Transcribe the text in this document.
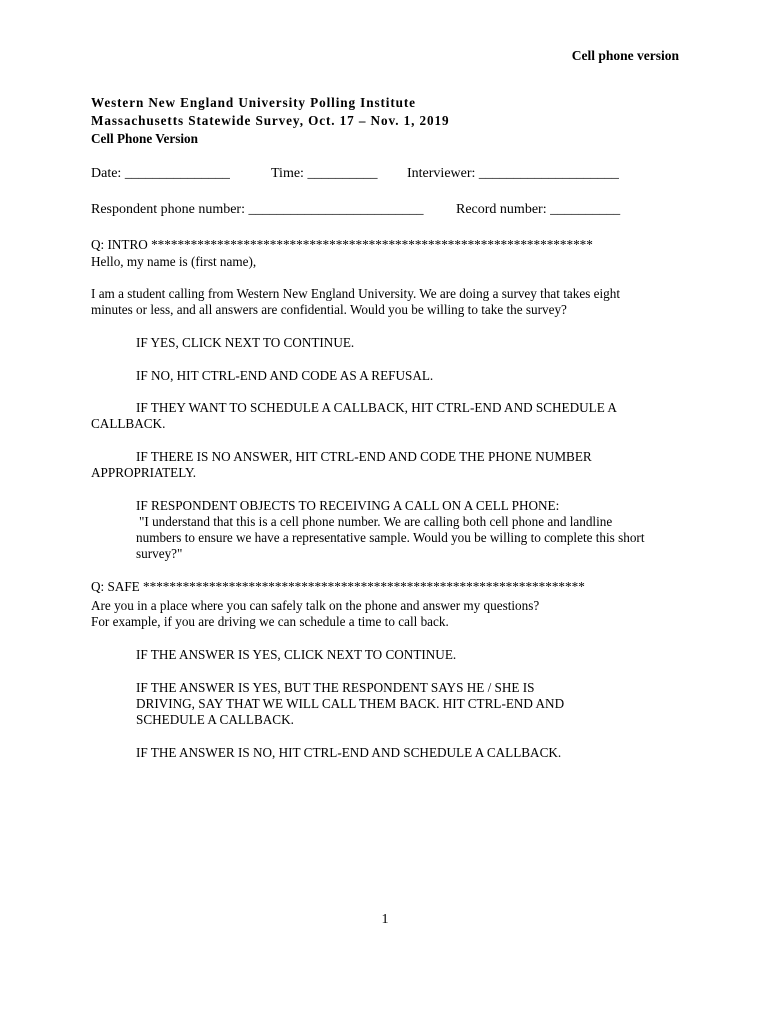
Cell phone version
Western New England University Polling Institute
Massachusetts Statewide Survey, Oct. 17 – Nov. 1, 2019
Cell Phone Version
Date: _______________	Time: __________ Interviewer: ____________________
Respondent phone number: _________________________ Record number: __________
Q: INTRO *******************************************************************
Hello, my name is (first name),
I am a student calling from Western New England University. We are doing a survey that takes eight
minutes or less, and all answers are confidential. Would you be willing to take the survey?
IF YES, CLICK NEXT TO CONTINUE.
IF NO, HIT CTRL-END AND CODE AS A REFUSAL.
IF THEY WANT TO SCHEDULE A CALLBACK, HIT CTRL-END AND SCHEDULE A
CALLBACK.
IF THERE IS NO ANSWER, HIT CTRL-END AND CODE THE PHONE NUMBER
APPROPRIATELY.
IF RESPONDENT OBJECTS TO RECEIVING A CALL ON A CELL PHONE:
"I understand that this is a cell phone number. We are calling both cell phone and landline
numbers to ensure we have a representative sample. Would you be willing to complete this short
survey?"
Q: SAFE *******************************************************************
Are you in a place where you can safely talk on the phone and answer my questions?
For example, if you are driving we can schedule a time to call back.
IF THE ANSWER IS YES, CLICK NEXT TO CONTINUE.
IF THE ANSWER IS YES, BUT THE RESPONDENT SAYS HE / SHE IS
DRIVING, SAY THAT WE WILL CALL THEM BACK. HIT CTRL-END AND
SCHEDULE A CALLBACK.
IF THE ANSWER IS NO, HIT CTRL-END AND SCHEDULE A CALLBACK.
1
